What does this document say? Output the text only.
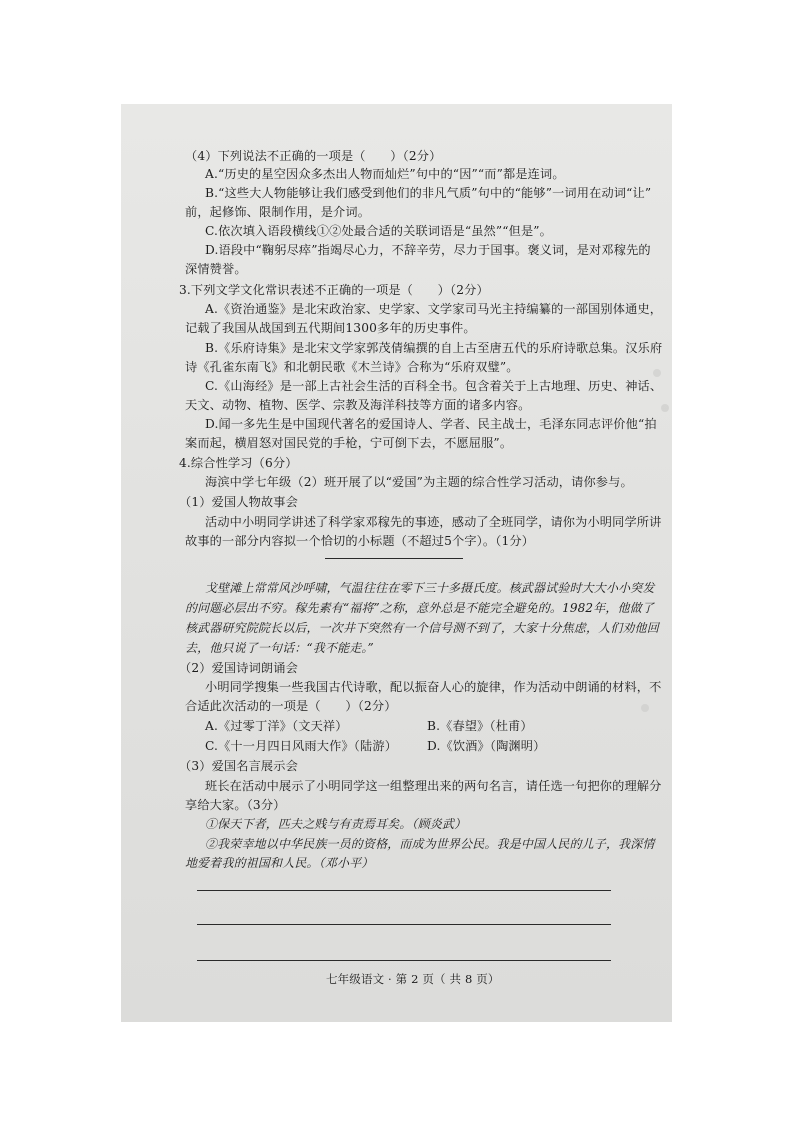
（4）下列说法不正确的一项是（　　）（2分）
A.“历史的星空因众多杰出人物而灿烂”句中的“因”“而”都是连词。
B.“这些大人物能够让我们感受到他们的非凡气质”句中的“能够”一词用在动词“让”
前，起修饰、限制作用，是介词。
C.依次填入语段横线①②处最合适的关联词语是“虽然”“但是”。
D.语段中“鞠躬尽瘁”指竭尽心力，不辞辛劳，尽力于国事。褒义词，是对邓稼先的
深情赞誉。
3.下列文学文化常识表述不正确的一项是（　　）（2分）
A.《资治通鉴》是北宋政治家、史学家、文学家司马光主持编纂的一部国别体通史，
记载了我国从战国到五代期间1300多年的历史事件。
B.《乐府诗集》是北宋文学家郭茂倩编撰的自上古至唐五代的乐府诗歌总集。汉乐府
诗《孔雀东南飞》和北朝民歌《木兰诗》合称为“乐府双璧”。
C.《山海经》是一部上古社会生活的百科全书。包含着关于上古地理、历史、神话、
天文、动物、植物、医学、宗教及海洋科技等方面的诸多内容。
D.闻一多先生是中国现代著名的爱国诗人、学者、民主战士，毛泽东同志评价他“拍
案而起，横眉怒对国民党的手枪，宁可倒下去，不愿屈服”。
4.综合性学习（6分）
海滨中学七年级（2）班开展了以“爱国”为主题的综合性学习活动，请你参与。
（1）爱国人物故事会
活动中小明同学讲述了科学家邓稼先的事迹，感动了全班同学，请你为小明同学所讲
故事的一部分内容拟一个恰切的小标题（不超过5个字）。（1分）
戈壁滩上常常风沙呼啸，气温往往在零下三十多摄氏度。核武器试验时大大小小突发
的问题必层出不穷。稼先素有“福将”之称，意外总是不能完全避免的。1982年，他做了
核武器研究院院长以后，一次井下突然有一个信号测不到了，大家十分焦虑，人们劝他回
去，他只说了一句话：“我不能走。”
（2）爱国诗词朗诵会
小明同学搜集一些我国古代诗歌，配以振奋人心的旋律，作为活动中朗诵的材料，不
合适此次活动的一项是（　　）（2分）
A.《过零丁洋》（文天祥）	B.《春望》（杜甫）
C.《十一月四日风雨大作》（陆游） D.《饮酒》（陶渊明）
（3）爱国名言展示会
班长在活动中展示了小明同学这一组整理出来的两句名言，请任选一句把你的理解分
享给大家。（3分）
①保天下者，匹夫之贱与有责焉耳矣。（顾炎武）
②我荣幸地以中华民族一员的资格，而成为世界公民。我是中国人民的儿子，我深情
地爱着我的祖国和人民。（邓小平）
七年级语文 · 第 2 页（ 共 8 页）
